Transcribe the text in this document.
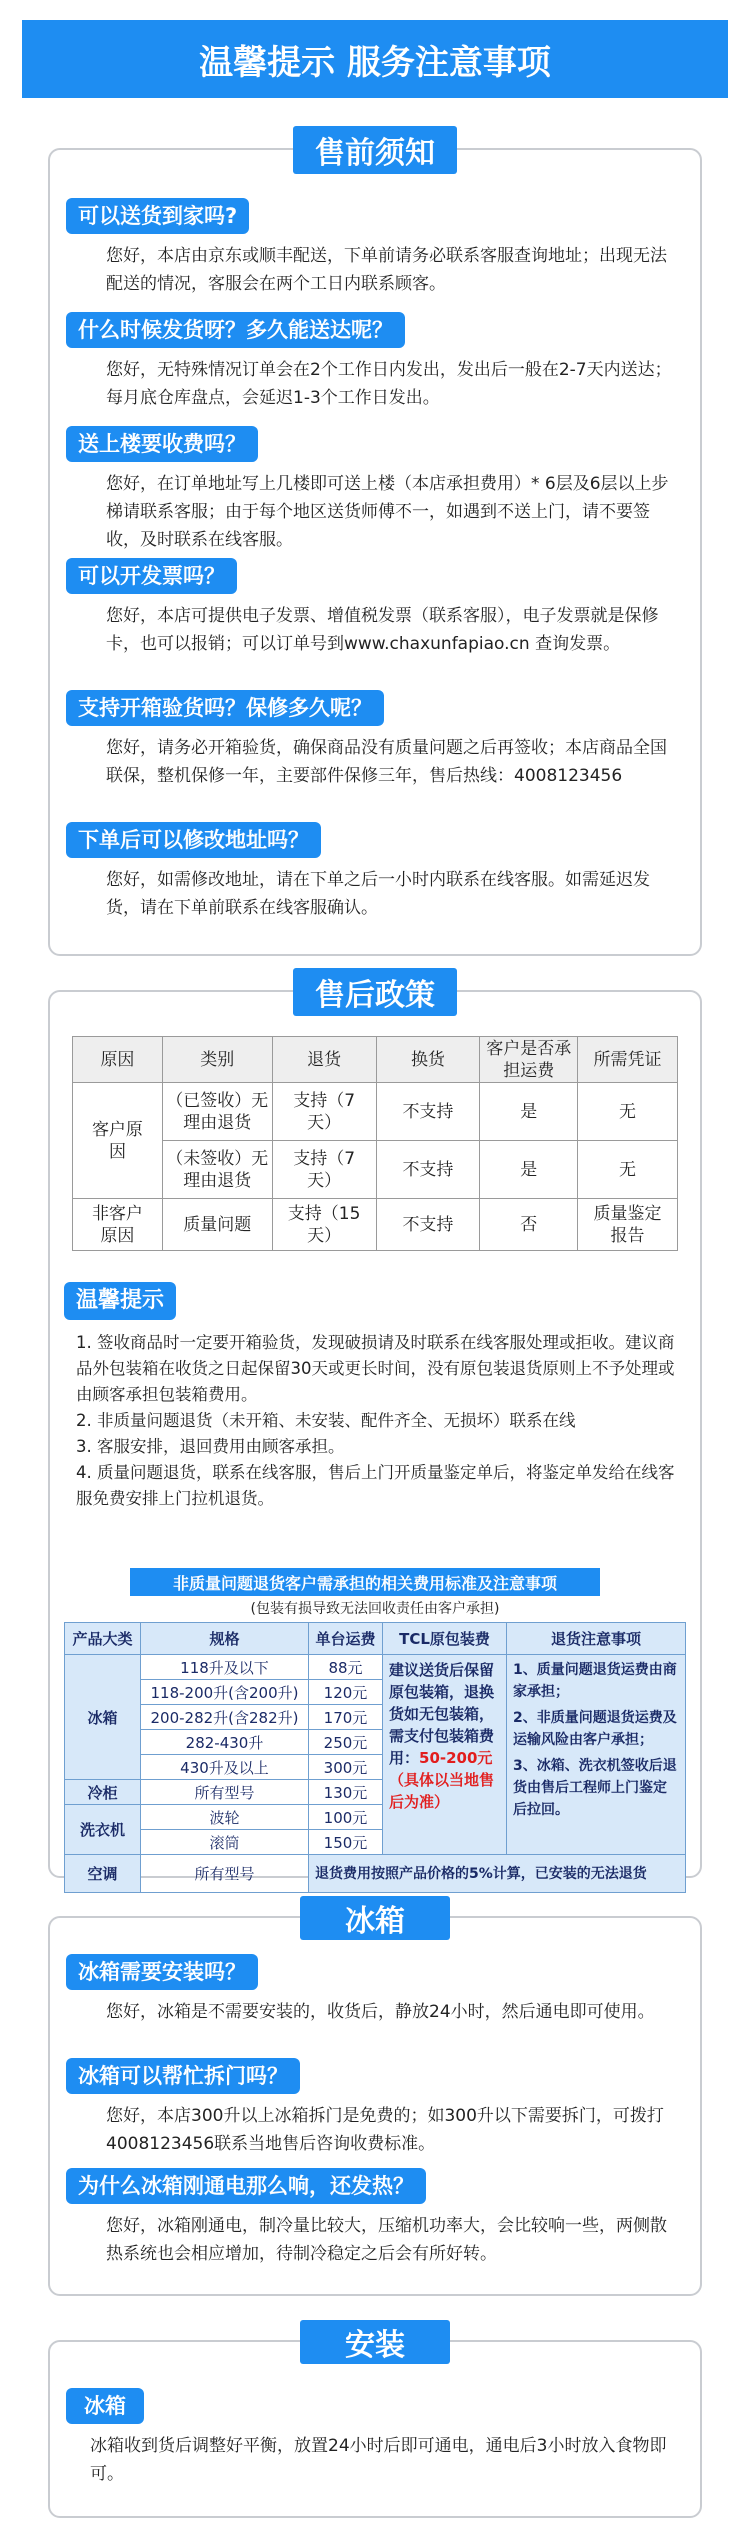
温馨提示 服务注意事项
售前须知
可以送货到家吗?
您好，本店由京东或顺丰配送，下单前请务必联系客服查询地址；出现无法配送的情况，客服会在两个工日内联系顾客。
什么时候发货呀？多久能送达呢？
您好，无特殊情况订单会在2个工作日内发出，发出后一般在2-7天内送达；每月底仓库盘点，会延迟1-3个工作日发出。
送上楼要收费吗？
您好，在订单地址写上几楼即可送上楼（本店承担费用）* 6层及6层以上步梯请联系客服；由于每个地区送货师傅不一，如遇到不送上门，请不要签收，及时联系在线客服。
可以开发票吗？
您好，本店可提供电子发票、增值税发票（联系客服），电子发票就是保修卡，也可以报销；可以订单号到www.chaxunfapiao.cn 查询发票。
支持开箱验货吗？保修多久呢？
您好，请务必开箱验货，确保商品没有质量问题之后再签收；本店商品全国联保，整机保修一年，主要部件保修三年，售后热线：4008123456
下单后可以修改地址吗？
您好，如需修改地址，请在下单之后一小时内联系在线客服。如需延迟发货，请在下单前联系在线客服确认。
售后政策
原因	类别	退货	换货	客户是否承担运费	所需凭证
客户原因	（已签收）无理由退货	支持（7天）	不支持	是	无
	（未签收）无理由退货	支持（7天）	不支持	是	无
非客户原因	质量问题	支持（15天）	不支持	否	质量鉴定报告
温馨提示
1. 签收商品时一定要开箱验货，发现破损请及时联系在线客服处理或拒收。建议商品外包装箱在收货之日起保留30天或更长时间，没有原包装退货原则上不予处理或由顾客承担包装箱费用。
2. 非质量问题退货（未开箱、未安装、配件齐全、无损坏）联系在线
3. 客服安排，退回费用由顾客承担。
4. 质量问题退货，联系在线客服，售后上门开质量鉴定单后，将鉴定单发给在线客服免费安排上门拉机退货。
非质量问题退货客户需承担的相关费用标准及注意事项
(包装有损导致无法回收责任由客户承担)
产品大类	规格	单台运费	TCL原包装费	退货注意事项
冰箱	118升及以下	88元	建议送货后保留原包装箱，退换货如无包装箱，需支付包装箱费用：50-200元（具体以当地售后为准）	1、质量问题退货运费由商家承担；
2、非质量问题退货运费及运输风险由客户承担；
3、冰箱、洗衣机签收后退货由售后工程师上门鉴定后拉回。

	118-200升(含200升)	120元		
	200-282升(含282升)	170元		
	282-430升	250元		
	430升及以上	300元		
冷柜	所有型号	130元		
洗衣机	波轮	100元		
	滚筒	150元		
空调	所有型号	退货费用按照产品价格的5%计算，已安装的无法退货		
冰箱
冰箱需要安装吗？
您好，冰箱是不需要安装的，收货后，静放24小时，然后通电即可使用。
冰箱可以帮忙拆门吗？
您好，本店300升以上冰箱拆门是免费的；如300升以下需要拆门，可拨打4008123456联系当地售后咨询收费标准。
为什么冰箱刚通电那么响，还发热？
您好，冰箱刚通电，制冷量比较大，压缩机功率大，会比较响一些，两侧散热系统也会相应增加，待制冷稳定之后会有所好转。
安装
冰箱
冰箱收到货后调整好平衡，放置24小时后即可通电，通电后3小时放入食物即可。
